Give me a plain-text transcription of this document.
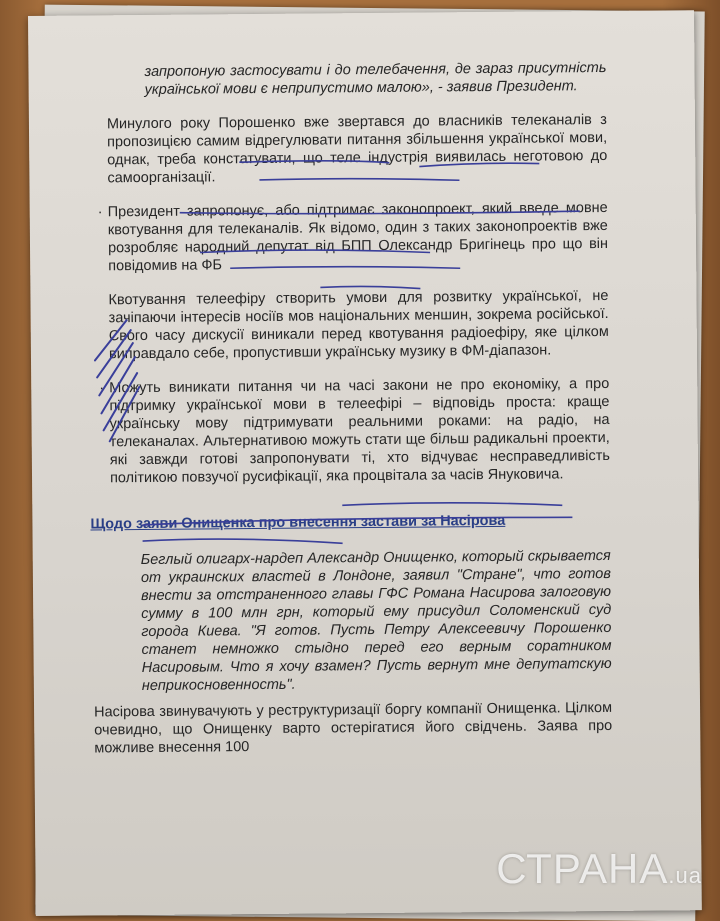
запропоную застосувати і до телебачення, де зараз присутність української мови є неприпустимо малою», - заявив Президент.

Минулого року Порошенко вже звертався до власників телеканалів з пропозицією самим відрегулювати питання збільшення української мови, однак, треба констатувати, що теле індустрія виявилась неготовою до самоорганізації.

· Президент запропонує, або підтримає законопроект, який введе мовне квотування для телеканалів. Як відомо, один з таких законопроектів вже розробляє народний депутат від БПП Олександр Бригінець про що він повідомив на ФБ

Квотування телеефіру створить умови для розвитку української, не зачіпаючи інтересів носіїв мов національних меншин, зокрема російської. Свого часу дискусії виникали перед квотування радіоефіру, яке цілком виправдало себе, пропустивши українську музику в ФМ-діапазон.

· Можуть виникати питання чи на часі закони не про економіку, а про підтримку української мови в телеефірі – відповідь проста: краще українську мову підтримувати реальними роками: на радіо, на телеканалах. Альтернативою можуть стати ще більш радикальні проекти, які завжди готові запропонувати ті, хто відчуває несправедливість політикою повзучої русифікації, яка процвітала за часів Януковича.

Щодо заяви Онищенка про внесення застави за Насірова

Беглый олигарх-нардеп Александр Онищенко, который скрывается от украинских властей в Лондоне, заявил "Стране", что готов внести за отстраненного главы ГФС Романа Насирова залоговую сумму в 100 млн грн, который ему присудил Соломенский суд города Киева. "Я готов. Пусть Петру Алексеевичу Порошенко станет немножко стыдно перед его верным соратником Насировым. Что я хочу взамен? Пусть вернут мне депутатскую неприкосновенность".

Насірова звинувачують у реструктуризації боргу компанії Онищенка. Цілком очевидно, що Онищенку варто остерігатися його свідчень. Заява про можливе внесення 100

СТРАНА.ua
